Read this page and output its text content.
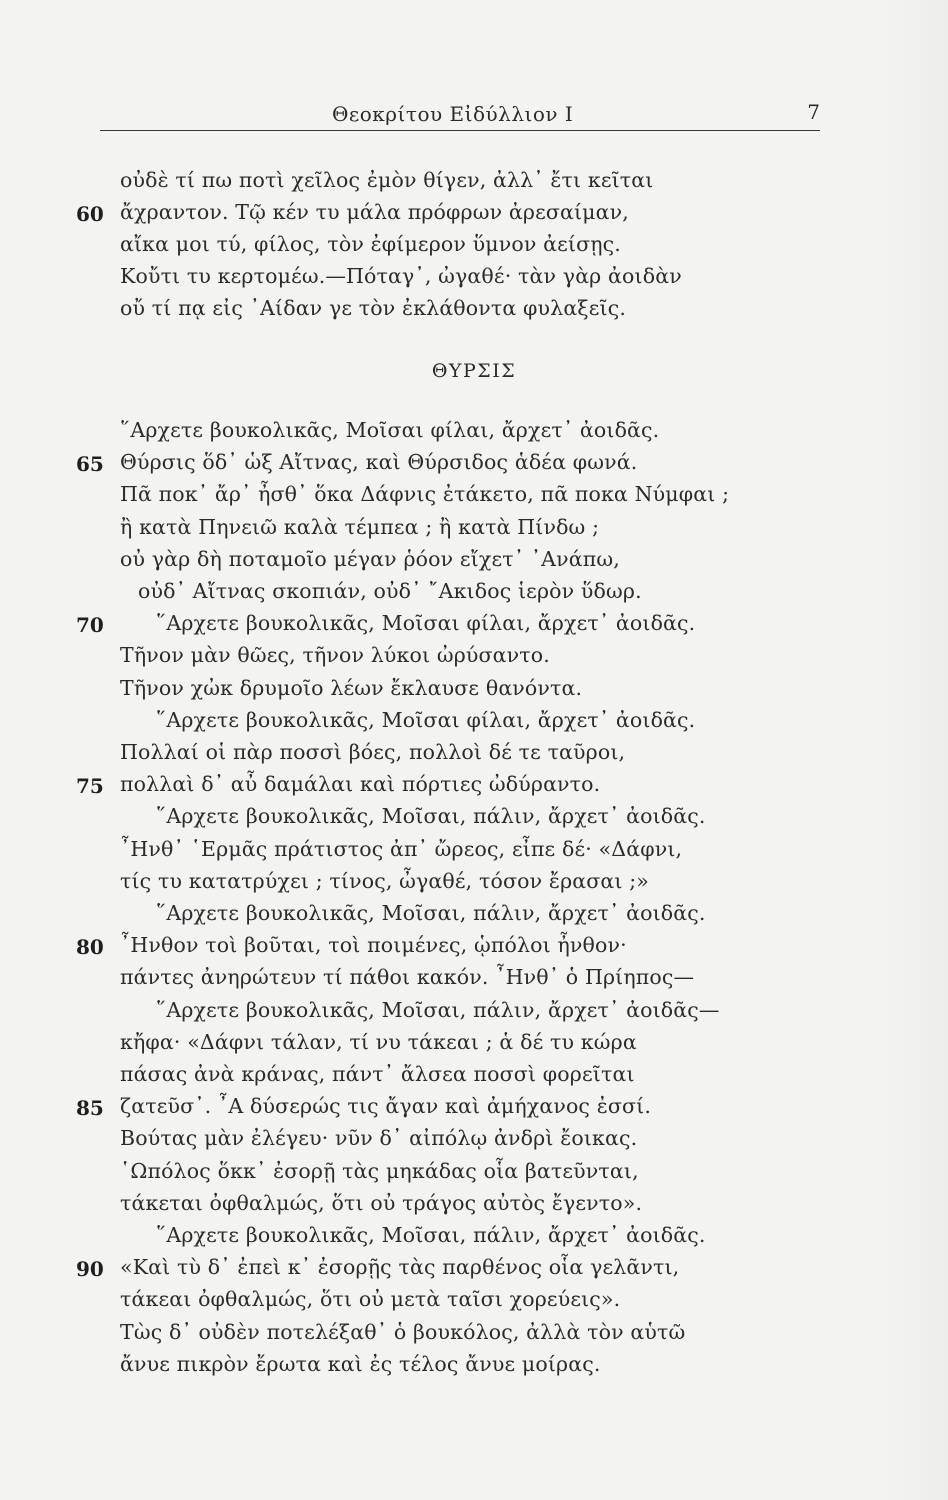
Θεοκρίτου Εἰδύλλιον Ι	7
οὐδὲ τί πω ποτὶ χεῖλος ἐμὸν θίγεν, ἀλλ᾿ ἔτι κεῖται
60 ἄχραντον. Τῷ κέν τυ μάλα πρόφρων ἀρεσαίμαν,
αἴκα μοι τύ, φίλος, τὸν ἐφίμερον ὕμνον ἀείσῃς.
Κοὔτι τυ κερτομέω.—Πόταγ᾿, ὠγαθέ· τὰν γὰρ ἀοιδὰν
οὔ τί πᾳ εἰς ᾿Αίδαν γε τὸν ἐκλάθοντα φυλαξεῖς.
ΘΥΡΣΙΣ
῞Αρχετε βουκολικᾶς, Μοῖσαι φίλαι, ἄρχετ᾿ ἀοιδᾶς.
65 Θύρσις ὅδ᾿ ὡξ Αἴτνας, καὶ Θύρσιδος ἁδέα φωνά.
Πᾶ ποκ᾿ ἄρ᾿ ἦσθ᾿ ὅκα Δάφνις ἐτάκετο, πᾶ ποκα Νύμφαι ;
ἢ κατὰ Πηνειῶ καλὰ τέμπεα ; ἢ κατὰ Πίνδω ;
οὐ γὰρ δὴ ποταμοῖο μέγαν ῥόον εἴχετ᾿ ᾿Ανάπω,
οὐδ᾿ Αἴτνας σκοπιάν, οὐδ᾿ ῎Ακιδος ἱερὸν ὕδωρ.
70	῞Αρχετε βουκολικᾶς, Μοῖσαι φίλαι, ἄρχετ᾿ ἀοιδᾶς.
Τῆνον μὰν θῶες, τῆνον λύκοι ὠρύσαντο.
Τῆνον χὠκ δρυμοῖο λέων ἔκλαυσε θανόντα.
῞Αρχετε βουκολικᾶς, Μοῖσαι φίλαι, ἄρχετ᾿ ἀοιδᾶς.
Πολλαί οἱ πὰρ ποσσὶ βόες, πολλοὶ δέ τε ταῦροι,
75 πολλαὶ δ᾿ αὖ δαμάλαι καὶ πόρτιες ὠδύραντο.
῞Αρχετε βουκολικᾶς, Μοῖσαι, πάλιν, ἄρχετ᾿ ἀοιδᾶς.
῏Ηνθ᾿ ῾Ερμᾶς πράτιστος ἀπ᾿ ὤρεος, εἶπε δέ· «Δάφνι,
τίς τυ κατατρύχει ; τίνος, ὦγαθέ, τόσον ἔρασαι ;»
῞Αρχετε βουκολικᾶς, Μοῖσαι, πάλιν, ἄρχετ᾿ ἀοιδᾶς.
80 ῏Ηνθον τοὶ βοῦται, τοὶ ποιμένες, ᾡπόλοι ἦνθον·
πάντες ἀνηρώτευν τί πάθοι κακόν. ῏Ηνθ᾿ ὁ Πρίηπος—
῞Αρχετε βουκολικᾶς, Μοῖσαι, πάλιν, ἄρχετ᾿ ἀοιδᾶς—
κἤφα· «Δάφνι τάλαν, τί νυ τάκεαι ; ἁ δέ τυ κώρα
πάσας ἀνὰ κράνας, πάντ᾿ ἄλσεα ποσσὶ φορεῖται
85 ζατεῦσ᾿. ῏Α δύσερώς τις ἄγαν καὶ ἀμήχανος ἐσσί.
Βούτας μὰν ἐλέγευ· νῦν δ᾿ αἰπόλῳ ἀνδρὶ ἔοικας.
῾Ωπόλος ὅκκ᾿ ἐσορῇ τὰς μηκάδας οἷα βατεῦνται,
τάκεται ὀφθαλμώς, ὅτι οὐ τράγος αὐτὸς ἔγεντο».
῞Αρχετε βουκολικᾶς, Μοῖσαι, πάλιν, ἄρχετ᾿ ἀοιδᾶς.
90 «Καὶ τὺ δ᾿ ἐπεὶ κ᾿ ἐσορῇς τὰς παρθένος οἷα γελᾶντι,
τάκεαι ὀφθαλμώς, ὅτι οὐ μετὰ ταῖσι χορεύεις».
Τὼς δ᾿ οὐδὲν ποτελέξαθ᾿ ὁ βουκόλος, ἀλλὰ τὸν αὑτῶ
ἄνυε πικρὸν ἔρωτα καὶ ἐς τέλος ἄνυε μοίρας.
